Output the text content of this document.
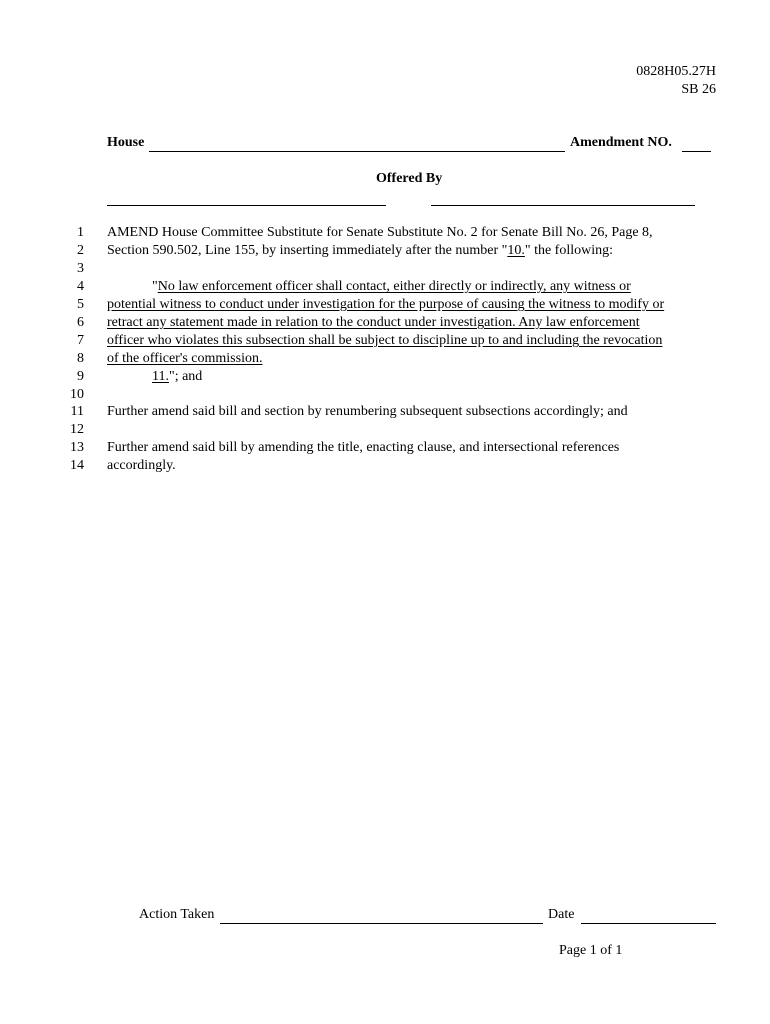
0828H05.27H
SB 26
House	Amendment NO.
Offered By
1
2
3
4
5
6
7
8
9
10
11
12
13
14
AMEND House Committee Substitute for Senate Substitute No. 2 for Senate Bill No. 26, Page 8,
Section 590.502, Line 155, by inserting immediately after the number "10." the following:
"No law enforcement officer shall contact, either directly or indirectly, any witness or
potential witness to conduct under investigation for the purpose of causing the witness to modify or
retract any statement made in relation to the conduct under investigation. Any law enforcement
officer who violates this subsection shall be subject to discipline up to and including the revocation
of the officer's commission.
11."; and
Further amend said bill and section by renumbering subsequent subsections accordingly; and
Further amend said bill by amending the title, enacting clause, and intersectional references
accordingly.
Action Taken	Date
Page 1 of 1
